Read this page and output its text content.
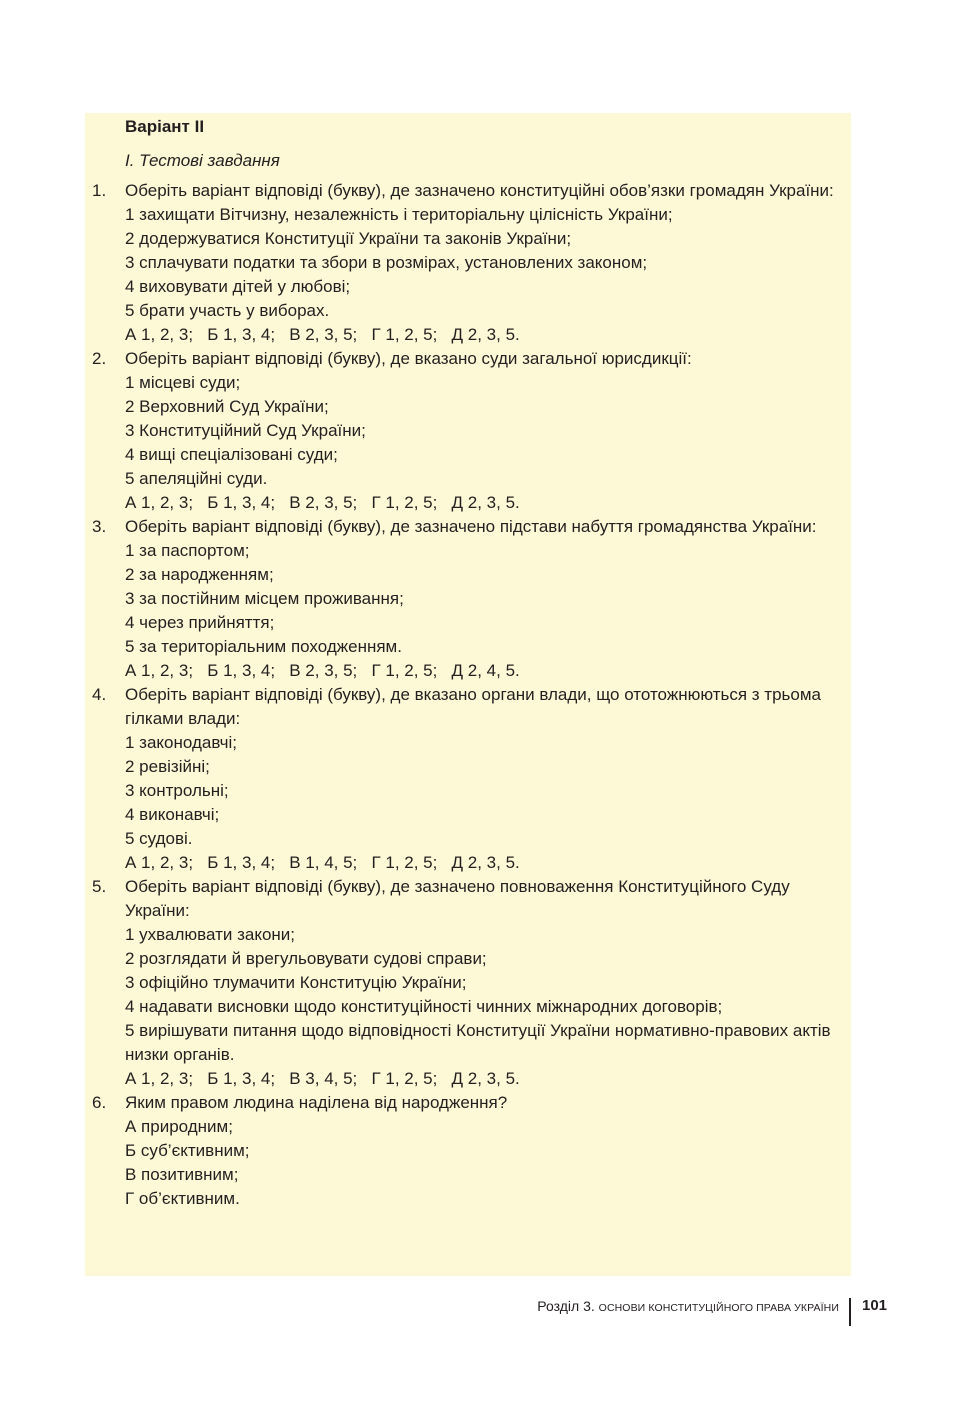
Варіант ІІ
І. Тестові завдання
1. Оберіть варіант відповіді (букву), де зазначено конституційні обов’язки громадян України:
1 захищати Вітчизну, незалежність і територіальну цілісність України;
2 додержуватися Конституції України та законів України;
3 сплачувати податки та збори в розмірах, установлених законом;
4 виховувати дітей у любові;
5 брати участь у виборах.
А 1, 2, 3;   Б 1, 3, 4;   В 2, 3, 5;   Г 1, 2, 5;   Д 2, 3, 5.
2. Оберіть варіант відповіді (букву), де вказано суди загальної юрисдикції:
1 місцеві суди;
2 Верховний Суд України;
3 Конституційний Суд України;
4 вищі спеціалізовані суди;
5 апеляційні суди.
А 1, 2, 3;   Б 1, 3, 4;   В 2, 3, 5;   Г 1, 2, 5;   Д 2, 3, 5.
3. Оберіть варіант відповіді (букву), де зазначено підстави набуття громадянства України:
1 за паспортом;
2 за народженням;
3 за постійним місцем проживання;
4 через прийняття;
5 за територіальним походженням.
А 1, 2, 3;   Б 1, 3, 4;   В 2, 3, 5;   Г 1, 2, 5;   Д 2, 4, 5.
4. Оберіть варіант відповіді (букву), де вказано органи влади, що ототожнюються з трьома гілками влади:
1 законодавчі;
2 ревізійні;
3 контрольні;
4 виконавчі;
5 судові.
А 1, 2, 3;   Б 1, 3, 4;   В 1, 4, 5;   Г 1, 2, 5;   Д 2, 3, 5.
5. Оберіть варіант відповіді (букву), де зазначено повноваження Конституційного Суду України:
1 ухвалювати закони;
2 розглядати й врегульовувати судові справи;
3 офіційно тлумачити Конституцію України;
4 надавати висновки щодо конституційності чинних міжнародних договорів;
5 вирішувати питання щодо відповідності Конституції України нормативно-правових актів низки органів.
А 1, 2, 3;   Б 1, 3, 4;   В 3, 4, 5;   Г 1, 2, 5;   Д 2, 3, 5.
6. Яким правом людина наділена від народження?
А природним;
Б суб’єктивним;
В позитивним;
Г об’єктивним.
Розділ 3. ОСНОВИ КОНСТИТУЦІЙНОГО ПРАВА УКРАЇНИ 101
